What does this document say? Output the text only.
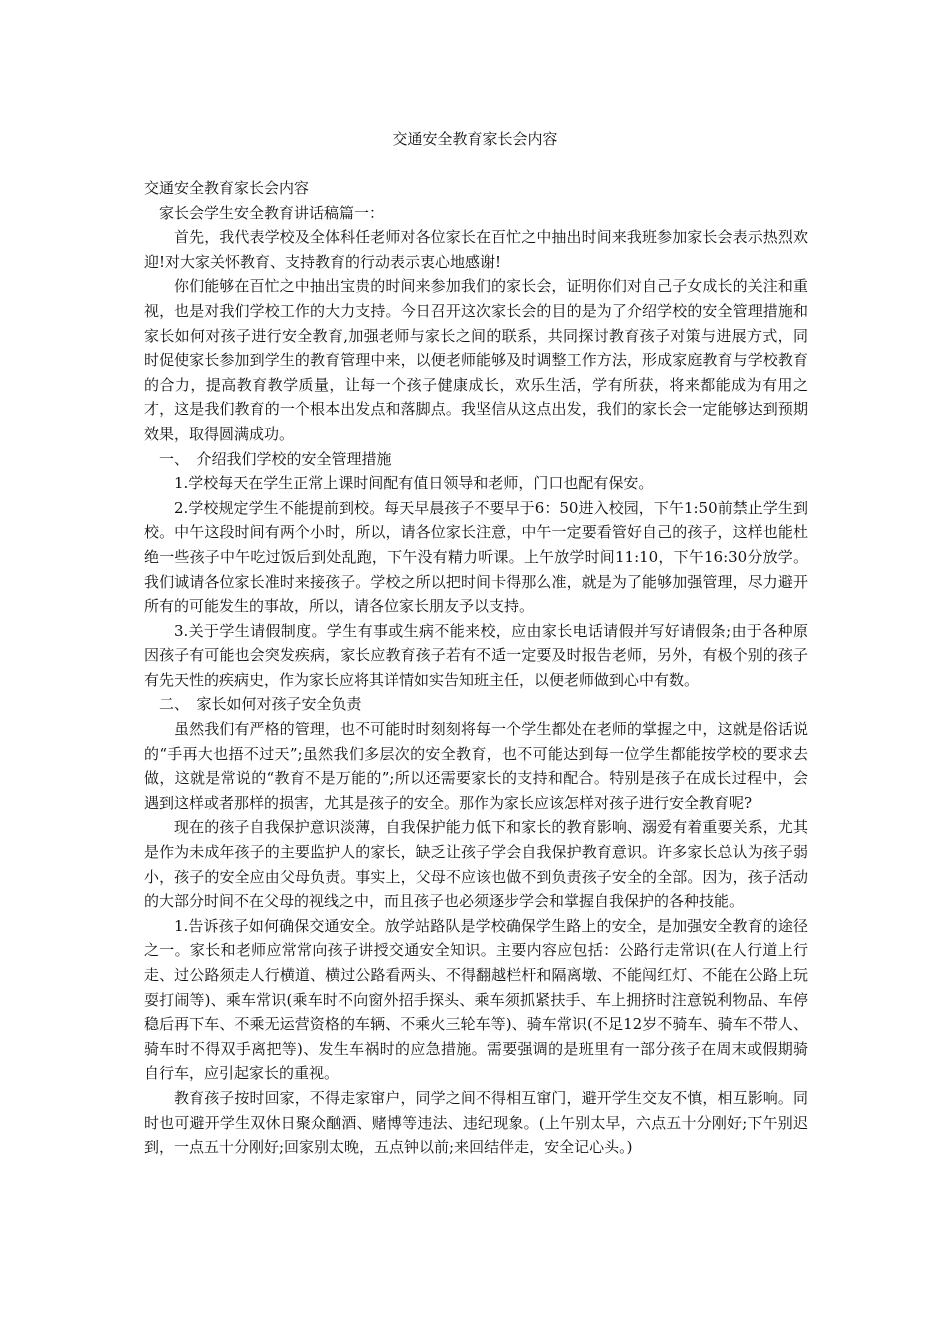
交通安全教育家长会内容

交通安全教育家长会内容

家长会学生安全教育讲话稿篇一：

首先，我代表学校及全体科任老师对各位家长在百忙之中抽出时间来我班参加家长会表示热烈欢迎!对大家关怀教育、支持教育的行动表示衷心地感谢!

你们能够在百忙之中抽出宝贵的时间来参加我们的家长会，证明你们对自己子女成长的关注和重视，也是对我们学校工作的大力支持。今日召开这次家长会的目的是为了介绍学校的安全管理措施和家长如何对孩子进行安全教育,加强老师与家长之间的联系，共同探讨教育孩子对策与进展方式，同时促使家长参加到学生的教育管理中来，以便老师能够及时调整工作方法，形成家庭教育与学校教育的合力，提高教育教学质量，让每一个孩子健康成长，欢乐生活，学有所获，将来都能成为有用之才，这是我们教育的一个根本出发点和落脚点。我坚信从这点出发，我们的家长会一定能够达到预期效果，取得圆满成功。

一、　介绍我们学校的安全管理措施

1.学校每天在学生正常上课时间配有值日领导和老师，门口也配有保安。

2.学校规定学生不能提前到校。每天早晨孩子不要早于6：50进入校园，下午1:50前禁止学生到校。中午这段时间有两个小时，所以，请各位家长注意，中午一定要看管好自己的孩子，这样也能杜绝一些孩子中午吃过饭后到处乱跑，下午没有精力听课。上午放学时间11:10，下午16:30分放学。我们诚请各位家长准时来接孩子。学校之所以把时间卡得那么准，就是为了能够加强管理，尽力避开所有的可能发生的事故，所以，请各位家长朋友予以支持。

3.关于学生请假制度。学生有事或生病不能来校，应由家长电话请假并写好请假条;由于各种原因孩子有可能也会突发疾病，家长应教育孩子若有不适一定要及时报告老师，另外，有极个别的孩子有先天性的疾病史，作为家长应将其详情如实告知班主任，以便老师做到心中有数。

二、　家长如何对孩子安全负责

虽然我们有严格的管理，也不可能时时刻刻将每一个学生都处在老师的掌握之中，这就是俗话说的“手再大也捂不过天”;虽然我们多层次的安全教育，也不可能达到每一位学生都能按学校的要求去做，这就是常说的“教育不是万能的”;所以还需要家长的支持和配合。特别是孩子在成长过程中，会遇到这样或者那样的损害，尤其是孩子的安全。那作为家长应该怎样对孩子进行安全教育呢?

现在的孩子自我保护意识淡薄，自我保护能力低下和家长的教育影响、溺爱有着重要关系，尤其是作为未成年孩子的主要监护人的家长，缺乏让孩子学会自我保护教育意识。许多家长总认为孩子弱小，孩子的安全应由父母负责。事实上，父母不应该也做不到负责孩子安全的全部。因为，孩子活动的大部分时间不在父母的视线之中，而且孩子也必须逐步学会和掌握自我保护的各种技能。

1.告诉孩子如何确保交通安全。放学站路队是学校确保学生路上的安全，是加强安全教育的途径之一。家长和老师应常常向孩子讲授交通安全知识。主要内容应包括：公路行走常识(在人行道上行走、过公路须走人行横道、横过公路看两头、不得翻越栏杆和隔离墩、不能闯红灯、不能在公路上玩耍打闹等)、乘车常识(乘车时不向窗外招手探头、乘车须抓紧扶手、车上拥挤时注意锐利物品、车停稳后再下车、不乘无运营资格的车辆、不乘火三轮车等)、骑车常识(不足12岁不骑车、骑车不带人、骑车时不得双手离把等)、发生车祸时的应急措施。需要强调的是班里有一部分孩子在周末或假期骑自行车，应引起家长的重视。

教育孩子按时回家，不得走家窜户，同学之间不得相互窜门，避开学生交友不慎，相互影响。同时也可避开学生双休日聚众酗酒、赌博等违法、违纪现象。(上午别太早，六点五十分刚好;下午别迟到，一点五十分刚好;回家别太晚，五点钟以前;来回结伴走，安全记心头。)
